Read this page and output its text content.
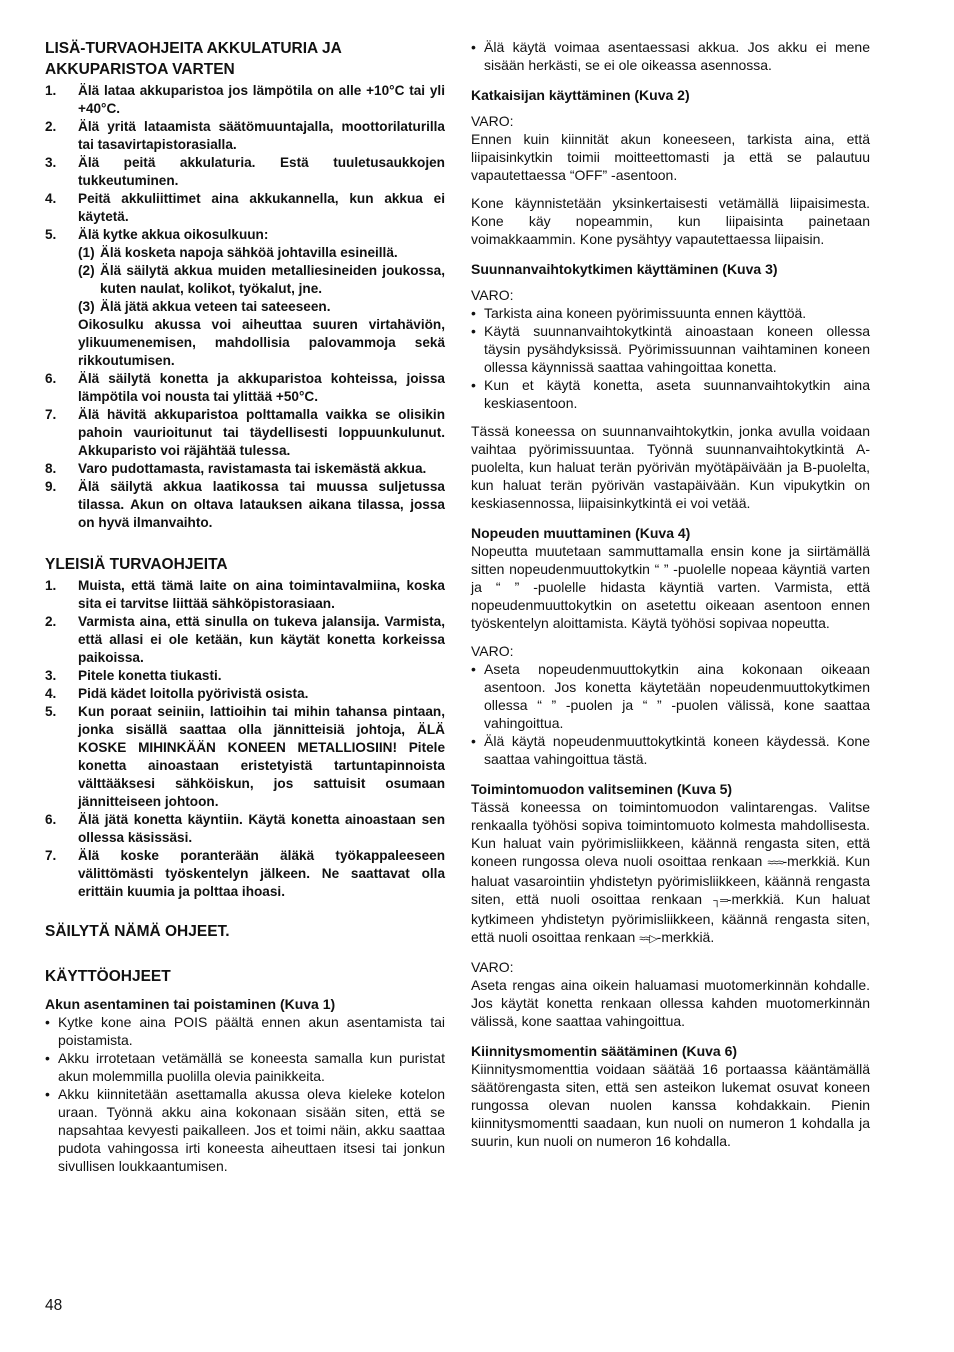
LISÄ-TURVAOHJEITA AKKULATURIA JA AKKUPARISTOA VARTEN
1.	Älä lataa akkuparistoa jos lämpötila on alle +10°C tai yli +40°C.
2.	Älä yritä lataamista säätömuuntajalla, moottorilaturilla tai tasavirtapistorasialla.
3.	Älä peitä akkulaturia. Estä tuuletusaukkojen tukkeutuminen.
4.	Peitä akkuliittimet aina akkukannella, kun akkua ei käytetä.
5.	Älä kytke akkua oikosulkuun:
(1) Älä kosketa napoja sähköä johtavilla esineillä.
(2) Älä säilytä akkua muiden metalliesineiden joukossa, kuten naulat, kolikot, työkalut, jne.
(3) Älä jätä akkua veteen tai sateeseen.
Oikosulku akussa voi aiheuttaa suuren virtahäviön, ylikuumenemisen, mahdollisia palovammoja sekä rikkoutumisen.
6.	Älä säilytä konetta ja akkuparistoa kohteissa, joissa lämpötila voi nousta tai ylittää +50°C.
7.	Älä hävitä akkuparistoa polttamalla vaikka se olisikin pahoin vaurioitunut tai täydellisesti loppuunkulunut. Akkuparisto voi räjähtää tulessa.
8.	Varo pudottamasta, ravistamasta tai iskemästä akkua.
9.	Älä säilytä akkua laatikossa tai muussa suljetussa tilassa. Akun on oltava latauksen aikana tilassa, jossa on hyvä ilmanvaihto.
YLEISIÄ TURVAOHJEITA
1.	Muista, että tämä laite on aina toimintavalmiina, koska sita ei tarvitse liittää sähköpistorasiaan.
2.	Varmista aina, että sinulla on tukeva jalansija. Varmista, että allasi ei ole ketään, kun käytät konetta korkeissa paikoissa.
3.	Pitele konetta tiukasti.
4.	Pidä kädet loitolla pyörivistä osista.
5.	Kun poraat seiniin, lattioihin tai mihin tahansa pintaan, jonka sisällä saattaa olla jännitteisiä johtoja, ÄLÄ KOSKE MIHINKÄÄN KONEEN METALLIOSIIN! Pitele konetta ainoastaan eristetyistä tartuntapinnoista välttääksesi sähköiskun, jos sattuisit osumaan jännitteiseen johtoon.
6.	Älä jätä konetta käyntiin. Käytä konetta ainoastaan sen ollessa käsissäsi.
7.	Älä koske poranterään äläkä työkappaleeseen välittömästi työskentelyn jälkeen. Ne saattavat olla erittäin kuumia ja polttaa ihoasi.
SÄILYTÄ NÄMÄ OHJEET.
KÄYTTÖOHJEET
Akun asentaminen tai poistaminen (Kuva 1)
• Kytke kone aina POIS päältä ennen akun asentamista tai poistamista.
• Akku irrotetaan vetämällä se koneesta samalla kun puristat akun molemmilla puolilla olevia painikkeita.
• Akku kiinnitetään asettamalla akussa oleva kieleke kotelon uraan. Työnnä akku aina kokonaan sisään siten, että se napsahtaa kevyesti paikalleen. Jos et toimi näin, akku saattaa pudota vahingossa irti koneesta aiheuttaen itsesi tai jonkun sivullisen loukkaantumisen.
• Älä käytä voimaa asentaessasi akkua. Jos akku ei mene sisään herkästi, se ei ole oikeassa asennossa.
Katkaisijan käyttäminen (Kuva 2)

VARO:

Ennen kuin kiinnität akun koneeseen, tarkista aina, että liipaisinkytkin toimii moitteettomasti ja että se palautuu vapautettaessa “OFF” -asentoon.

Kone käynnistetään yksinkertaisesti vetämällä liipaisimesta. Kone käy nopeammin, kun liipaisinta painetaan voimakkaammin. Kone pysähtyy vapautettaessa liipaisin.

Suunnanvaihtokytkimen käyttäminen (Kuva 3)

VARO:

• Tarkista aina koneen pyörimissuunta ennen käyttöä.
• Käytä suunnanvaihtokytkintä ainoastaan koneen ollessa täysin pysähdyksissä. Pyörimissuunnan vaihtaminen koneen ollessa käynnissä saattaa vahingoittaa konetta.
• Kun et käytä konetta, aseta suunnanvaihtokytkin aina keskiasentoon.

Tässä koneessa on suunnanvaihtokytkin, jonka avulla voidaan vaihtaa pyörimissuuntaa. Työnnä suunnanvaihtokytkintä A-puolelta, kun haluat terän pyörivän myötäpäivään ja B-puolelta, kun haluat terän pyörivän vastapäivään. Kun vipukytkin on keskiasennossa, liipaisinkytkintä ei voi vetää.

Nopeuden muuttaminen (Kuva 4)

Nopeutta muutetaan sammuttamalla ensin kone ja siirtämällä sitten nopeudenmuuttokytkin “ ” -puolelle nopeaa käyntiä varten ja “ ” -puolelle hidasta käyntiä varten. Varmista, että nopeudenmuuttokytkin on asetettu oikeaan asentoon ennen työskentelyn aloittamista. Käytä työhösi sopivaa nopeutta.

VARO:

• Aseta nopeudenmuuttokytkin aina kokonaan oikeaan asentoon. Jos konetta käytetään nopeudenmuuttokytkimen ollessa “ ” -puolen ja “ ” -puolen välissä, kone saattaa vahingoittua.
• Älä käytä nopeudenmuuttokytkintä koneen käydessä. Kone saattaa vahingoittua tästä.
Toimintomuodon valitseminen (Kuva 5)

Tässä koneessa on toimintomuodon valintarengas. Valitse renkaalla työhösi sopiva toimintomuoto kolmesta mahdollisesta. Kun haluat vain pyörimisliikkeen, käännä rengasta siten, että koneen rungossa oleva nuoli osoittaa renkaan ≈≈≈-merkkiä. Kun haluat vasarointiin yhdistetyn pyörimisliikkeen, käännä rengasta siten, että nuoli osoittaa renkaan ┐═-merkkiä. Kun haluat kytkimeen yhdistetyn pyörimisliikkeen, käännä rengasta siten, että nuoli osoittaa renkaan ≈≈▷-merkkiä.

VARO:

Aseta rengas aina oikein haluamasi muotomerkinnän kohdalle. Jos käytät konetta renkaan ollessa kahden muotomerkinnän välissä, kone saattaa vahingoittua.

Kiinnitysmomentin säätäminen (Kuva 6)

Kiinnitysmomenttia voidaan säätää 16 portaassa kääntämällä säätörengasta siten, että sen asteikon lukemat osuvat koneen rungossa olevan nuolen kanssa kohdakkain. Pienin kiinnitysmomentti saadaan, kun nuoli on numeron 1 kohdalla ja suurin, kun nuoli on numeron 16 kohdalla.

48
